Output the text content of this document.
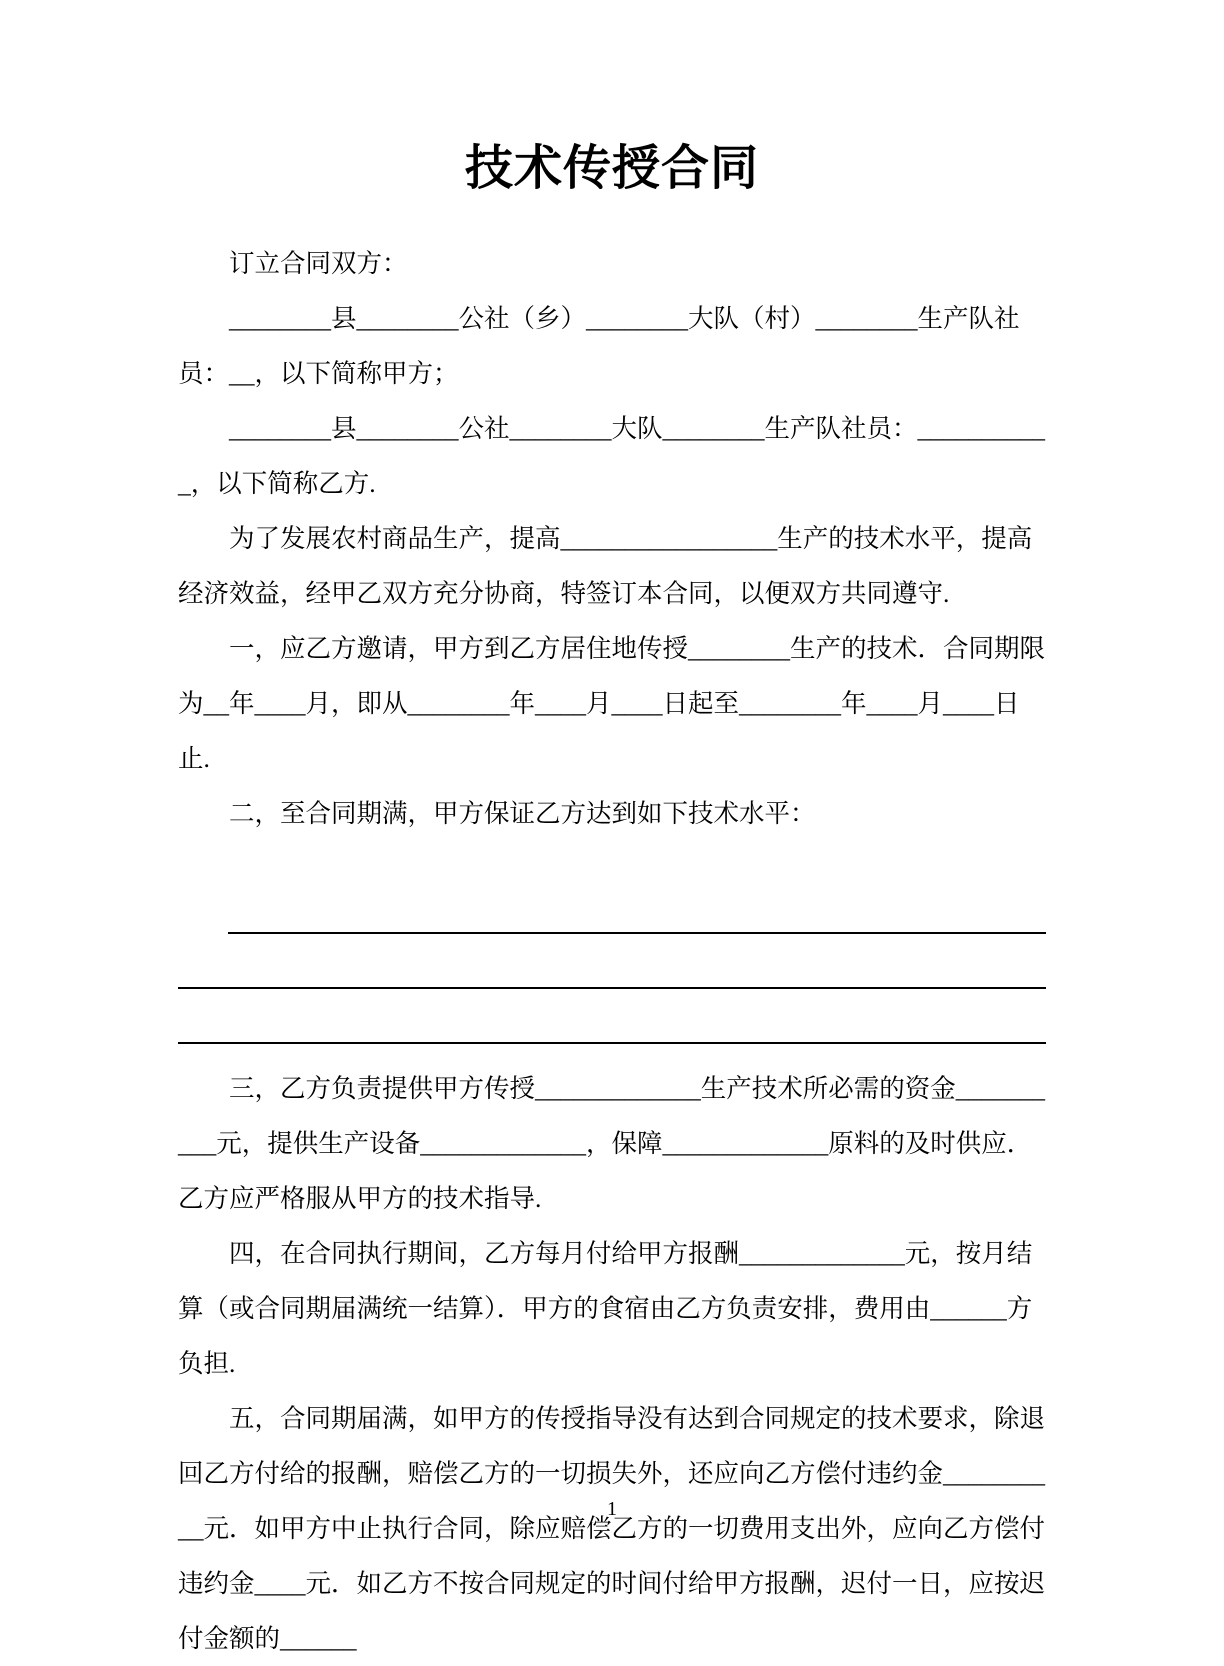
技术传授合同
　　订立合同双方：
　　________县________公社（乡）________大队（村）________生产队社员：__，以下简称甲方；
　　________县________公社________大队________生产队社员：___________，以下简称乙方.
　　为了发展农村商品生产，提高_________________生产的技术水平，提高经济效益，经甲乙双方充分协商，特签订本合同，以便双方共同遵守.
　　一，应乙方邀请，甲方到乙方居住地传授________生产的技术．合同期限为__年____月，即从________年____月____日起至________年____月____日止.
　　二，至合同期满，甲方保证乙方达到如下技术水平：
　　三，乙方负责提供甲方传授_____________生产技术所必需的资金__________元，提供生产设备_____________，保障_____________原料的及时供应．乙方应严格服从甲方的技术指导.
　　四，在合同执行期间，乙方每月付给甲方报酬_____________元，按月结算（或合同期届满统一结算）．甲方的食宿由乙方负责安排，费用由______方负担.
　　五，合同期届满，如甲方的传授指导没有达到合同规定的技术要求，除退回乙方付给的报酬，赔偿乙方的一切损失外，还应向乙方偿付违约金__________元．如甲方中止执行合同，除应赔偿乙方的一切费用支出外，应向乙方偿付违约金____元．如乙方不按合同规定的时间付给甲方报酬，迟付一日，应按迟付金额的______
1
